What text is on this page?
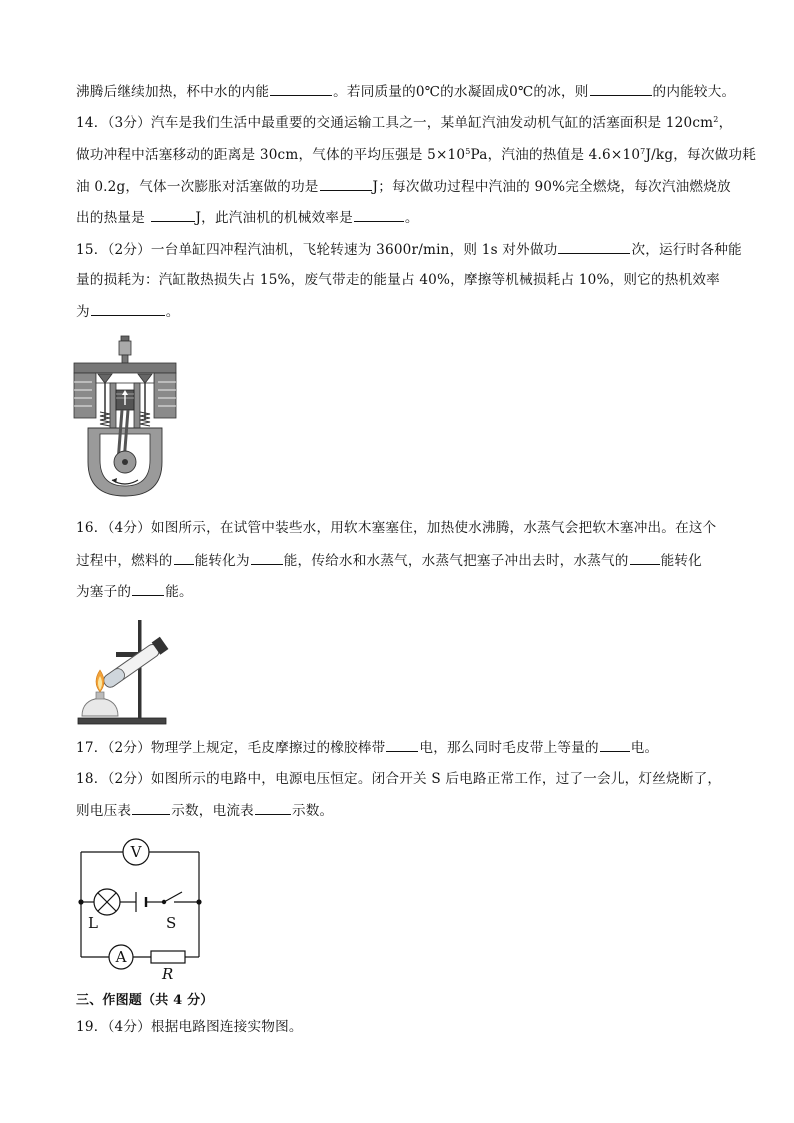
沸腾后继续加热，杯中水的内能	。若同质量的0℃的水凝固成0℃的冰，则	的内能较大。
14．（3分）汽车是我们生活中最重要的交通运输工具之一，某单缸汽油发动机气缸的活塞面积是 $120cm^2$，
做功冲程中活塞移动的距离是 30cm，气体的平均压强是 $5\times 10^5Pa$，汽油的热值是 $4.6\times 10^7J/kg$，每次做功耗
油 0.2g，气体一次膨胀对活塞做的功是	J；每次做功过程中汽油的 90%完全燃烧，每次汽油燃烧放
出的热量是	J，此汽油机的机械效率是	。
15．（2分）一台单缸四冲程汽油机，飞轮转速为 3600r/min，则 1s 对外做功	次，运行时各种能
量的损耗为：汽缸散热损失占 15%，废气带走的能量占 40%，摩擦等机械损耗占 10%，则它的热机效率
为	。
16．（4分）如图所示，在试管中装些水，用软木塞塞住，加热使水沸腾，水蒸气会把软木塞冲出。在这个
过程中，燃料的 能转化为	能，传给水和水蒸气，水蒸气把塞子冲出去时，水蒸气的 能转化
为塞子的	能。
17．（2分）物理学上规定，毛皮摩擦过的橡胶棒带	电，那么同时毛皮带上等量的 电。
18．（2分）如图所示的电路中，电源电压恒定。闭合开关 S 后电路正常工作，过了一会儿，灯丝烧断了，
则电压表	示数，电流表	示数。
V
L	S
A
R
三、作图题（共 4 分）
19．（4分）根据电路图连接实物图。
